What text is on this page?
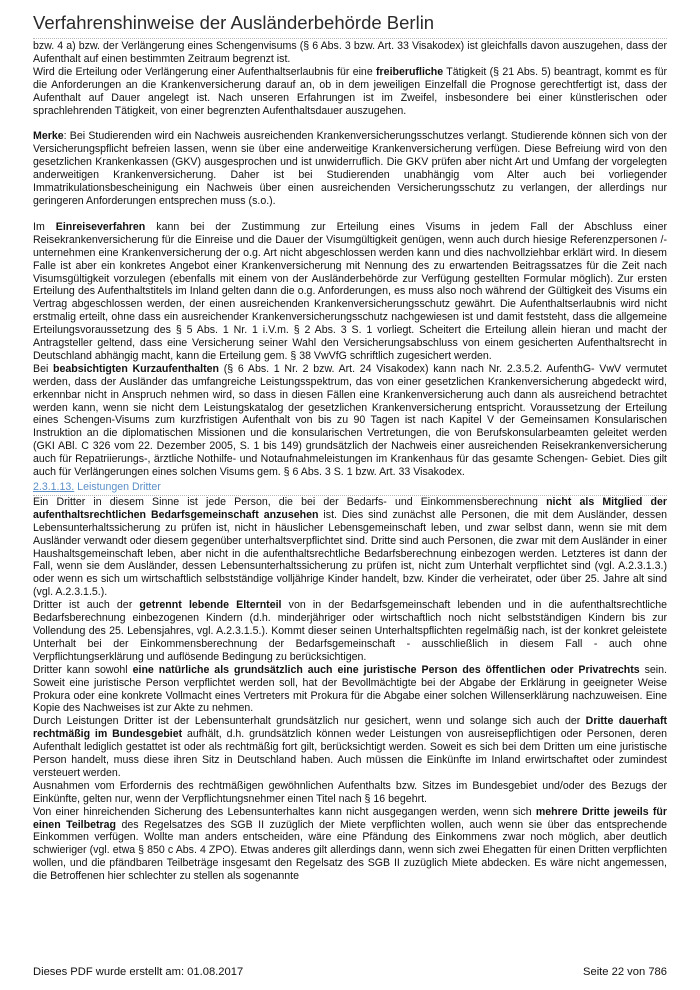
Verfahrenshinweise der Ausländerbehörde Berlin

bzw. 4 a) bzw. der Verlängerung eines Schengenvisums (§ 6 Abs. 3 bzw. Art. 33 Visakodex) ist gleichfalls davon auszugehen, dass der Aufenthalt auf einen bestimmten Zeitraum begrenzt ist.

Wird die Erteilung oder Verlängerung einer Aufenthaltserlaubnis für eine freiberufliche Tätigkeit (§ 21 Abs. 5) beantragt, kommt es für die Anforderungen an die Krankenversicherung darauf an, ob in dem jeweiligen Einzelfall die Prognose gerechtfertigt ist, dass der Aufenthalt auf Dauer angelegt ist. Nach unseren Erfahrungen ist im Zweifel, insbesondere bei einer künstlerischen oder sprachlehrenden Tätigkeit, von einer begrenzten Aufenthaltsdauer auszugehen.

Merke: Bei Studierenden wird ein Nachweis ausreichenden Krankenversicherungsschutzes verlangt. Studierende können sich von der Versicherungspflicht befreien lassen, wenn sie über eine anderweitige Krankenversicherung verfügen. Diese Befreiung wird von den gesetzlichen Krankenkassen (GKV) ausgesprochen und ist unwiderruflich. Die GKV prüfen aber nicht Art und Umfang der vorgelegten anderweitigen Krankenversicherung. Daher ist bei Studierenden unabhängig vom Alter auch bei vorliegender Immatrikulationsbescheinigung ein Nachweis über einen ausreichenden Versicherungsschutz zu verlangen, der allerdings nur geringeren Anforderungen entsprechen muss (s.o.).

Im Einreiseverfahren kann bei der Zustimmung zur Erteilung eines Visums in jedem Fall der Abschluss einer Reisekrankenversicherung für die Einreise und die Dauer der Visumgültigkeit genügen, wenn auch durch hiesige Referenzpersonen /-unternehmen eine Krankenversicherung der o.g. Art nicht abgeschlossen werden kann und dies nachvollziehbar erklärt wird. In diesem Falle ist aber ein konkretes Angebot einer Krankenversicherung mit Nennung des zu erwartenden Beitragssatzes für die Zeit nach Visumsgültigkeit vorzulegen (ebenfalls mit einem von der Ausländerbehörde zur Verfügung gestellten Formular möglich). Zur ersten Erteilung des Aufenthaltstitels im Inland gelten dann die o.g. Anforderungen, es muss also noch während der Gültigkeit des Visums ein Vertrag abgeschlossen werden, der einen ausreichenden Krankenversicherungsschutz gewährt. Die Aufenthaltserlaubnis wird nicht erstmalig erteilt, ohne dass ein ausreichender Krankenversicherungsschutz nachgewiesen ist und damit feststeht, dass die allgemeine Erteilungsvoraussetzung des § 5 Abs. 1 Nr. 1 i.V.m. § 2 Abs. 3 S. 1 vorliegt. Scheitert die Erteilung allein hieran und macht der Antragsteller geltend, dass eine Versicherung seiner Wahl den Versicherungsabschluss von einem gesicherten Aufenthaltsrecht in Deutschland abhängig macht, kann die Erteilung gem. § 38 VwVfG schriftlich zugesichert werden.

Bei beabsichtigten Kurzaufenthalten (§ 6 Abs. 1 Nr. 2 bzw. Art. 24 Visakodex) kann nach Nr. 2.3.5.2. AufenthG- VwV vermutet werden, dass der Ausländer das umfangreiche Leistungsspektrum, das von einer gesetzlichen Krankenversicherung abgedeckt wird, erkennbar nicht in Anspruch nehmen wird, so dass in diesen Fällen eine Krankenversicherung auch dann als ausreichend betrachtet werden kann, wenn sie nicht dem Leistungskatalog der gesetzlichen Krankenversicherung entspricht. Voraussetzung der Erteilung eines Schengen-Visums zum kurzfristigen Aufenthalt von bis zu 90 Tagen ist nach Kapitel V der Gemeinsamen Konsularischen Instruktion an die diplomatischen Missionen und die konsularischen Vertretungen, die von Berufskonsularbeamten geleitet werden (GKI ABl. C 326 vom 22. Dezember 2005, S. 1 bis 149) grundsätzlich der Nachweis einer ausreichenden Reisekrankenversicherung auch für Repatriierungs-, ärztliche Nothilfe- und Notaufnahmeleistungen im Krankenhaus für das gesamte Schengen- Gebiet. Dies gilt auch für Verlängerungen eines solchen Visums gem. § 6 Abs. 3 S. 1 bzw. Art. 33 Visakodex.

2.3.1.13. Leistungen Dritter

Ein Dritter in diesem Sinne ist jede Person, die bei der Bedarfs- und Einkommensberechnung nicht als Mitglied der aufenthaltsrechtlichen Bedarfsgemeinschaft anzusehen ist. Dies sind zunächst alle Personen, die mit dem Ausländer, dessen Lebensunterhaltssicherung zu prüfen ist, nicht in häuslicher Lebensgemeinschaft leben, und zwar selbst dann, wenn sie mit dem Ausländer verwandt oder diesem gegenüber unterhaltsverpflichtet sind. Dritte sind auch Personen, die zwar mit dem Ausländer in einer Haushaltsgemeinschaft leben, aber nicht in die aufenthaltsrechtliche Bedarfsberechnung einbezogen werden. Letzteres ist dann der Fall, wenn sie dem Ausländer, dessen Lebensunterhaltssicherung zu prüfen ist, nicht zum Unterhalt verpflichtet sind (vgl. A.2.3.1.3.) oder wenn es sich um wirtschaftlich selbstständige volljährige Kinder handelt, bzw. Kinder die verheiratet, oder über 25. Jahre alt sind (vgl. A.2.3.1.5.).

Dritter ist auch der getrennt lebende Elternteil von in der Bedarfsgemeinschaft lebenden und in die aufenthaltsrechtliche Bedarfsberechnung einbezogenen Kindern (d.h. minderjähriger oder wirtschaftlich noch nicht selbstständigen Kindern bis zur Vollendung des 25. Lebensjahres, vgl. A.2.3.1.5.). Kommt dieser seinen Unterhaltspflichten regelmäßig nach, ist der konkret geleistete Unterhalt bei der Einkommensberechnung der Bedarfsgemeinschaft - ausschließlich in diesem Fall - auch ohne Verpflichtungserklärung und auflösende Bedingung zu berücksichtigen.

Dritter kann sowohl eine natürliche als grundsätzlich auch eine juristische Person des öffentlichen oder Privatrechts sein. Soweit eine juristische Person verpflichtet werden soll, hat der Bevollmächtigte bei der Abgabe der Erklärung in geeigneter Weise Prokura oder eine konkrete Vollmacht eines Vertreters mit Prokura für die Abgabe einer solchen Willenserklärung nachzuweisen. Eine Kopie des Nachweises ist zur Akte zu nehmen.

Durch Leistungen Dritter ist der Lebensunterhalt grundsätzlich nur gesichert, wenn und solange sich auch der Dritte dauerhaft rechtmäßig im Bundesgebiet aufhält, d.h. grundsätzlich können weder Leistungen von ausreisepflichtigen oder Personen, deren Aufenthalt lediglich gestattet ist oder als rechtmäßig fort gilt, berücksichtigt werden. Soweit es sich bei dem Dritten um eine juristische Person handelt, muss diese ihren Sitz in Deutschland haben. Auch müssen die Einkünfte im Inland erwirtschaftet oder zumindest versteuert werden.

Ausnahmen vom Erfordernis des rechtmäßigen gewöhnlichen Aufenthalts bzw. Sitzes im Bundesgebiet und/oder des Bezugs der Einkünfte, gelten nur, wenn der Verpflichtungsnehmer einen Titel nach § 16 begehrt.

Von einer hinreichenden Sicherung des Lebensunterhaltes kann nicht ausgegangen werden, wenn sich mehrere Dritte jeweils für einen Teilbetrag des Regelsatzes des SGB II zuzüglich der Miete verpflichten wollen, auch wenn sie über das entsprechende Einkommen verfügen. Wollte man anders entscheiden, wäre eine Pfändung des Einkommens zwar noch möglich, aber deutlich schwieriger (vgl. etwa § 850 c Abs. 4 ZPO). Etwas anderes gilt allerdings dann, wenn sich zwei Ehegatten für einen Dritten verpflichten wollen, und die pfändbaren Teilbeträge insgesamt den Regelsatz des SGB II zuzüglich Miete abdecken. Es wäre nicht angemessen, die Betroffenen hier schlechter zu stellen als sogenannte

Dieses PDF wurde erstellt am: 01.08.2017	Seite 22 von 786
